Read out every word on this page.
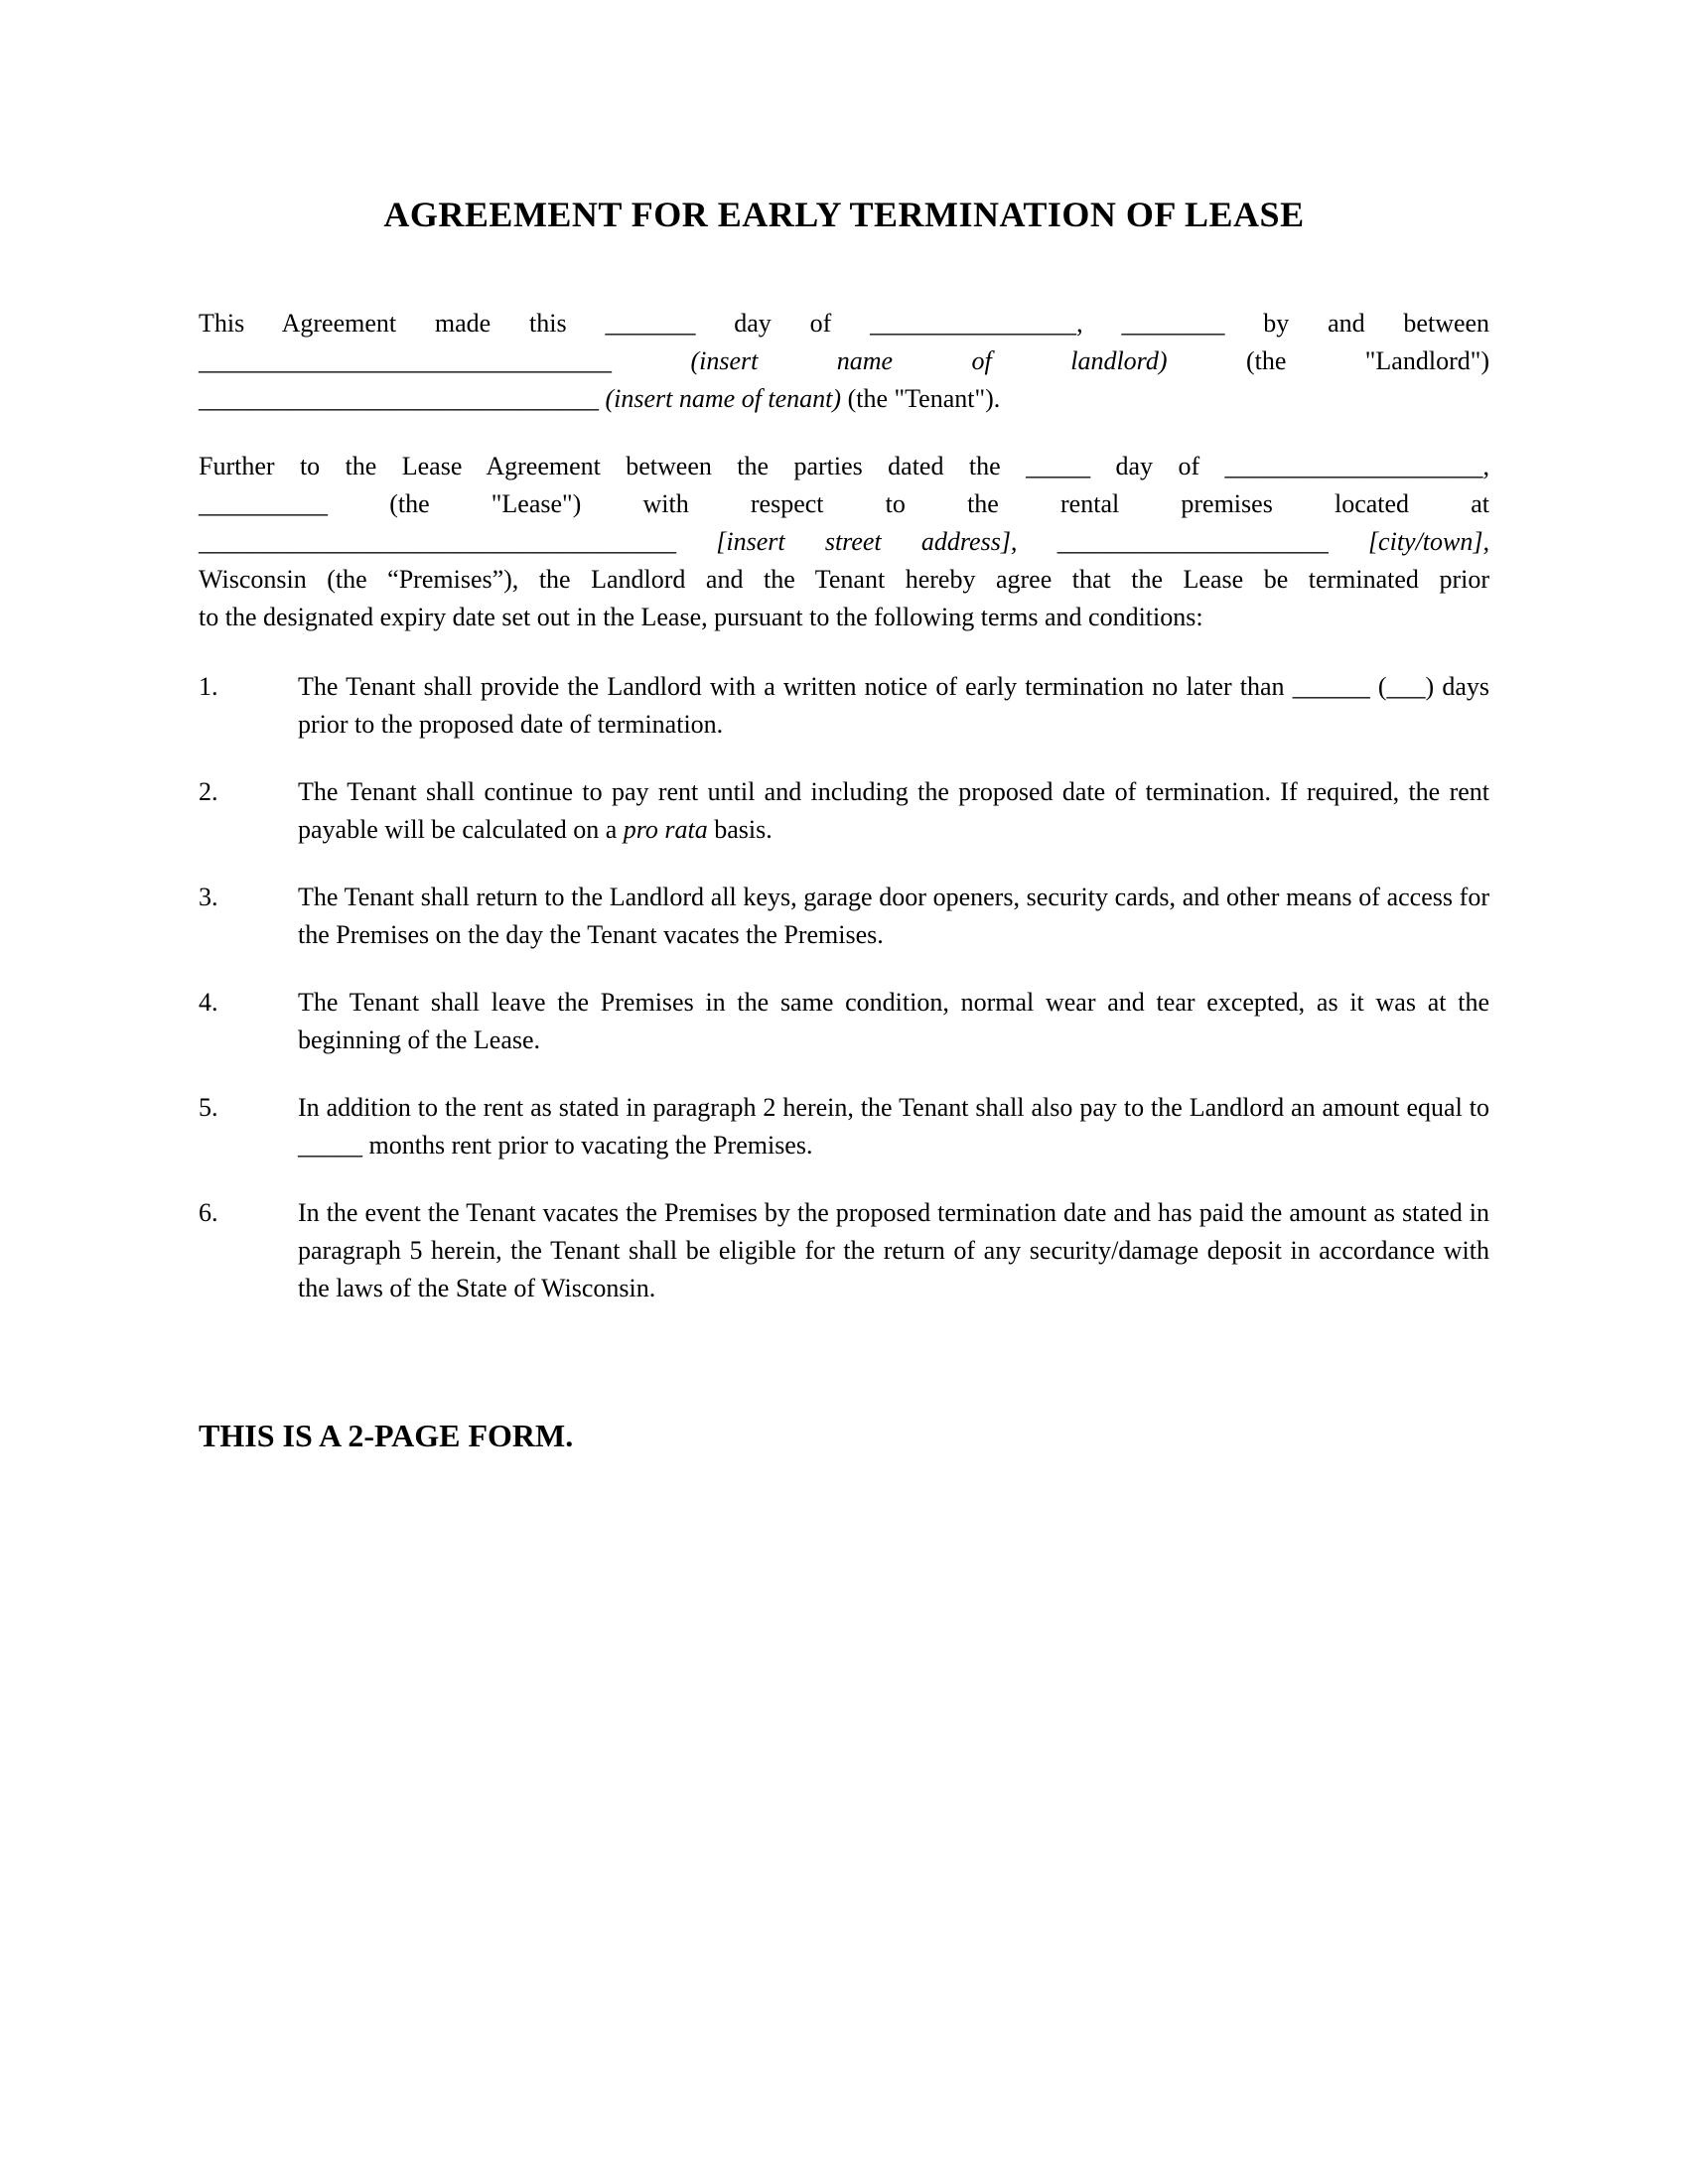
AGREEMENT FOR EARLY TERMINATION OF LEASE
This Agreement made this _______ day of ________________, ________ by and between
________________________________	(insert name of landlord)	(the "Landlord")
_______________________________ (insert name of tenant) (the "Tenant").
Further to the Lease Agreement between the parties dated the _____ day of ____________________,
__________ (the "Lease") with respect to the rental premises located at
_____________________________________ [insert street address], _____________________ [city/town],
Wisconsin (the “Premises”), the Landlord and the Tenant hereby agree that the Lease be terminated prior
to the designated expiry date set out in the Lease, pursuant to the following terms and conditions:
1.	The Tenant shall provide the Landlord with a written notice of early termination no later than ______ (___) days prior to the proposed date of termination.
2.	The Tenant shall continue to pay rent until and including the proposed date of termination. If required, the rent payable will be calculated on a pro rata basis.
3.	The Tenant shall return to the Landlord all keys, garage door openers, security cards, and other means of access for the Premises on the day the Tenant vacates the Premises.
4.	The Tenant shall leave the Premises in the same condition, normal wear and tear excepted, as it was at the beginning of the Lease.
5.	In addition to the rent as stated in paragraph 2 herein, the Tenant shall also pay to the Landlord an amount equal to _____ months rent prior to vacating the Premises.
6.	In the event the Tenant vacates the Premises by the proposed termination date and has paid the amount as stated in paragraph 5 herein, the Tenant shall be eligible for the return of any security/damage deposit in accordance with the laws of the State of Wisconsin.
THIS IS A 2-PAGE FORM.
